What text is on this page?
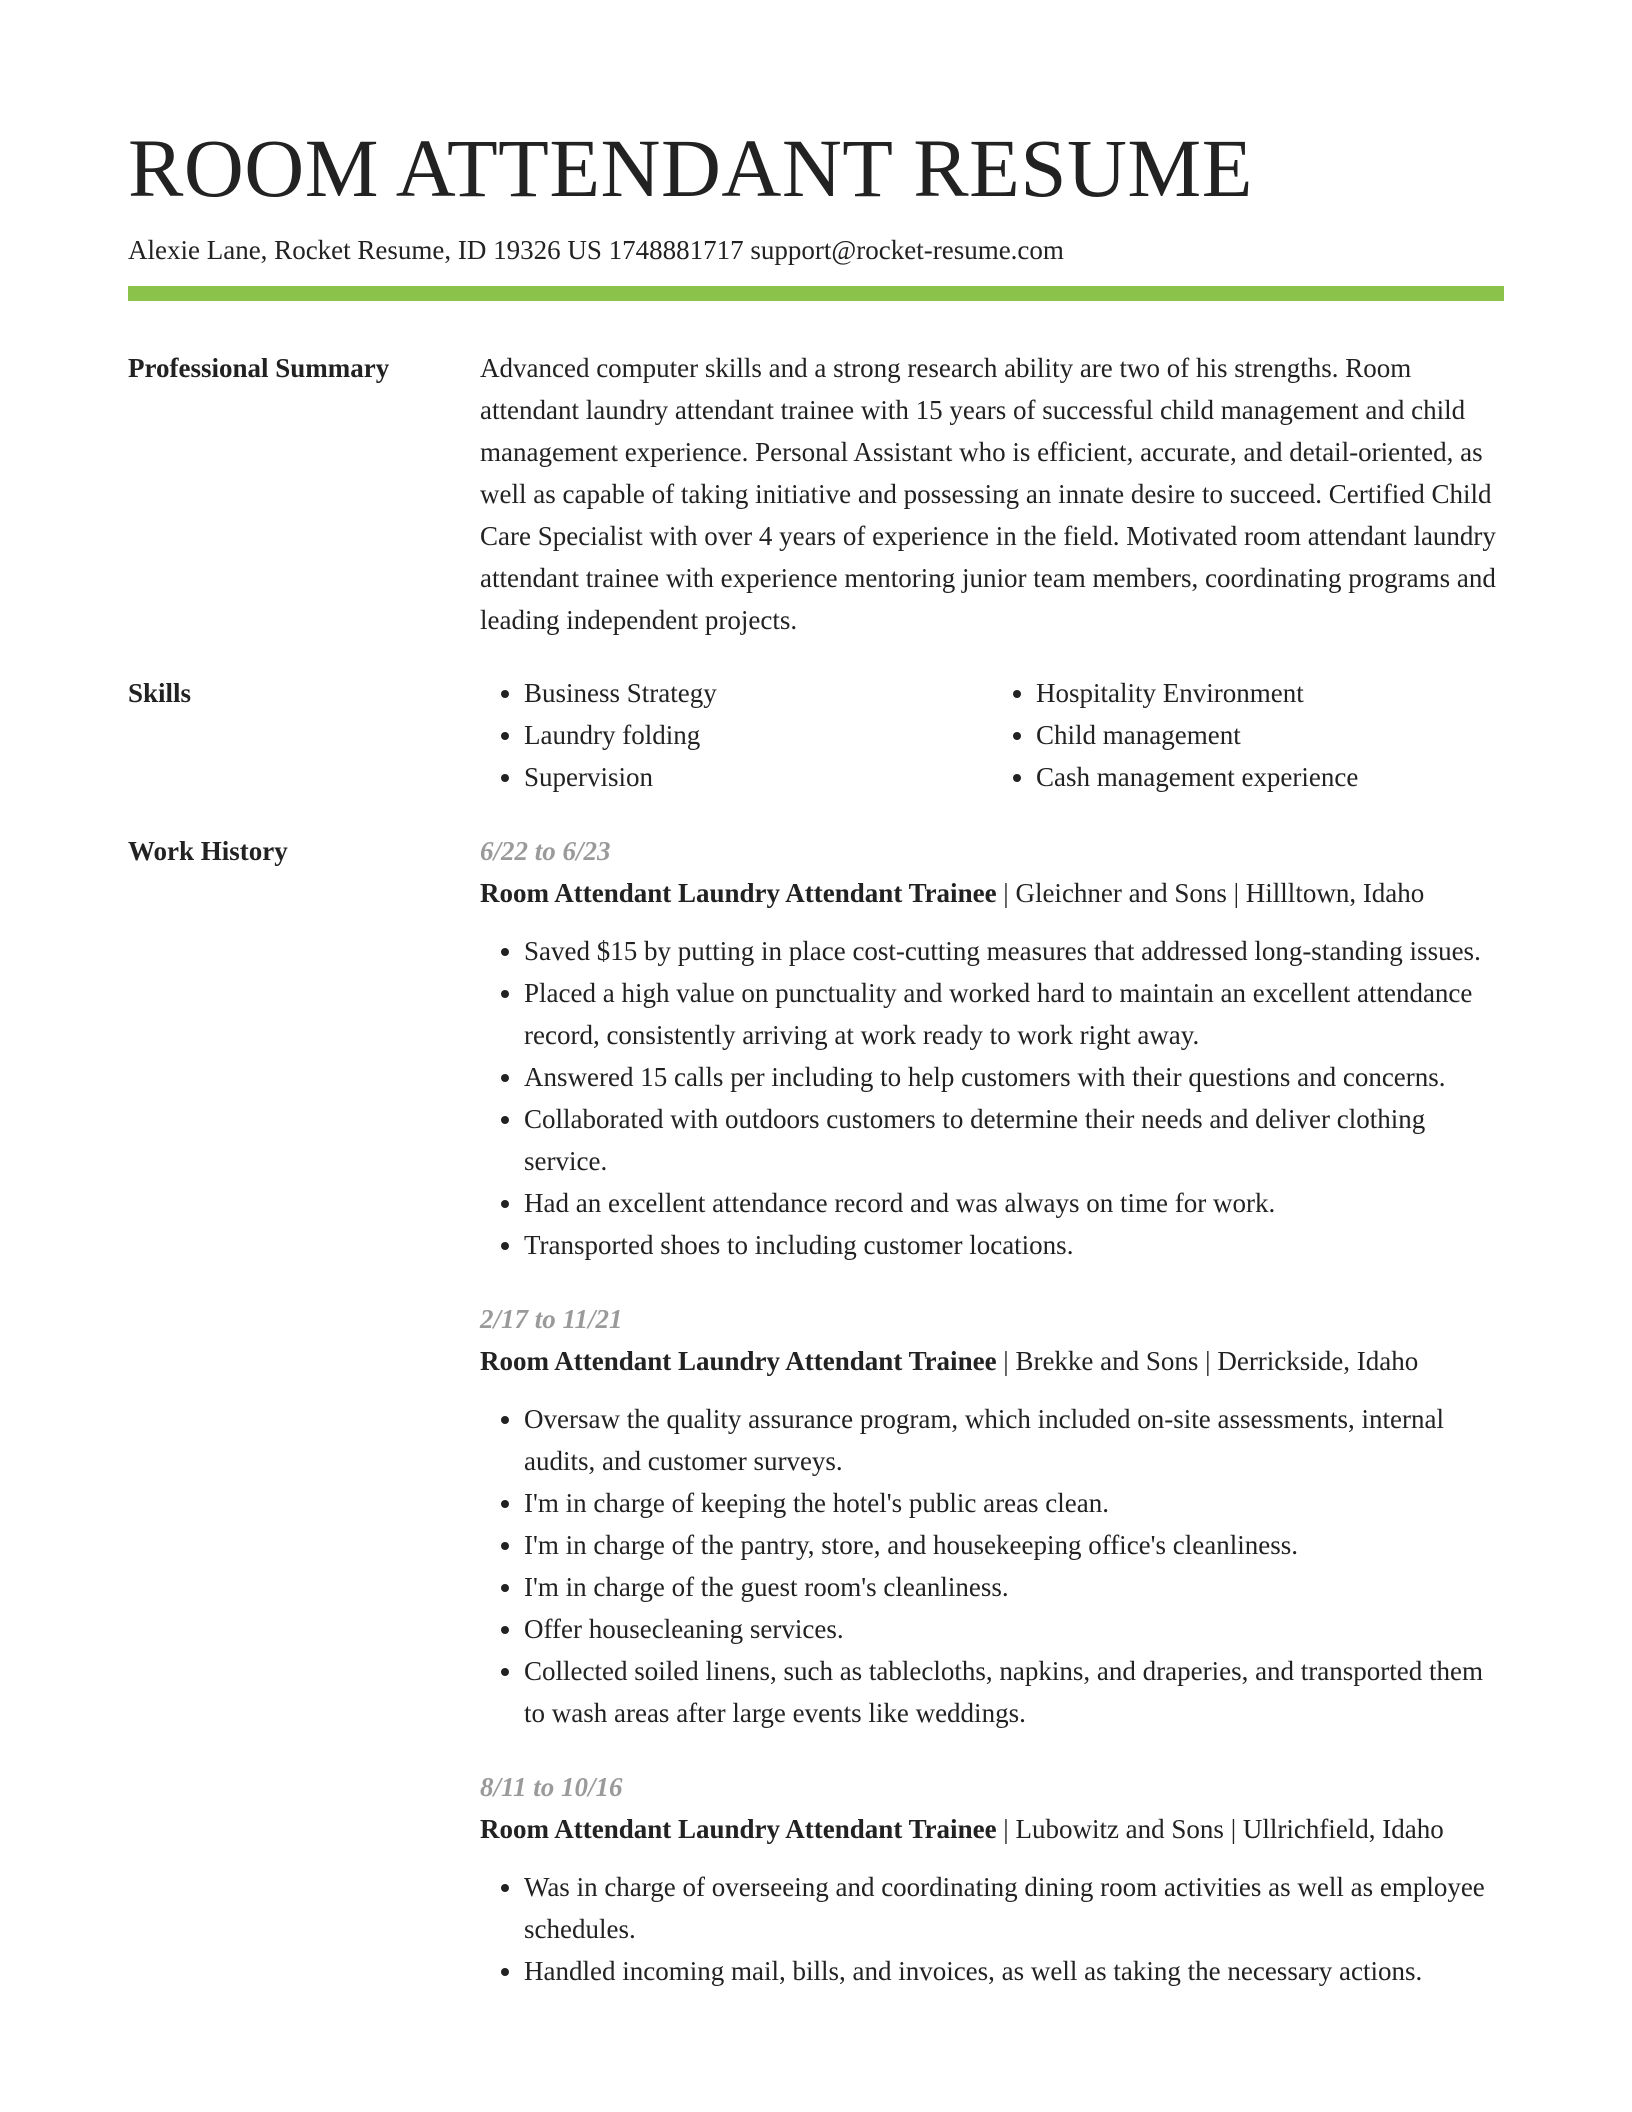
ROOM ATTENDANT RESUME
Alexie Lane, Rocket Resume, ID 19326 US 1748881717 support@rocket-resume.com
Professional Summary	Advanced computer skills and a strong research ability are two of his strengths. Room attendant laundry attendant trainee with 15 years of successful child management and child management experience. Personal Assistant who is efficient, accurate, and detail-oriented, as well as capable of taking initiative and possessing an innate desire to succeed. Certified Child Care Specialist with over 4 years of experience in the field. Motivated room attendant laundry attendant trainee with experience mentoring junior team members, coordinating programs and leading independent projects.

Skills
•	Business Strategy
• Laundry folding
• Supervision
• Hospitality Environment
• Child management
• Cash management experience
Work History	6/22 to 6/23
Room Attendant Laundry Attendant Trainee | Gleichner and Sons | Hillltown, Idaho
• Saved $15 by putting in place cost-cutting measures that addressed long-standing issues.
• Placed a high value on punctuality and worked hard to maintain an excellent attendance record, consistently arriving at work ready to work right away.
• Answered 15 calls per including to help customers with their questions and concerns.
• Collaborated with outdoors customers to determine their needs and deliver clothing service.
• Had an excellent attendance record and was always on time for work.
• Transported shoes to including customer locations.
2/17 to 11/21
Room Attendant Laundry Attendant Trainee | Brekke and Sons | Derrickside, Idaho
• Oversaw the quality assurance program, which included on-site assessments, internal audits, and customer surveys.
• I'm in charge of keeping the hotel's public areas clean.
• I'm in charge of the pantry, store, and housekeeping office's cleanliness.
• I'm in charge of the guest room's cleanliness.
• Offer housecleaning services.
• Collected soiled linens, such as tablecloths, napkins, and draperies, and transported them to wash areas after large events like weddings.
8/11 to 10/16
Room Attendant Laundry Attendant Trainee | Lubowitz and Sons | Ullrichfield, Idaho
• Was in charge of overseeing and coordinating dining room activities as well as employee schedules.
• Handled incoming mail, bills, and invoices, as well as taking the necessary actions.
